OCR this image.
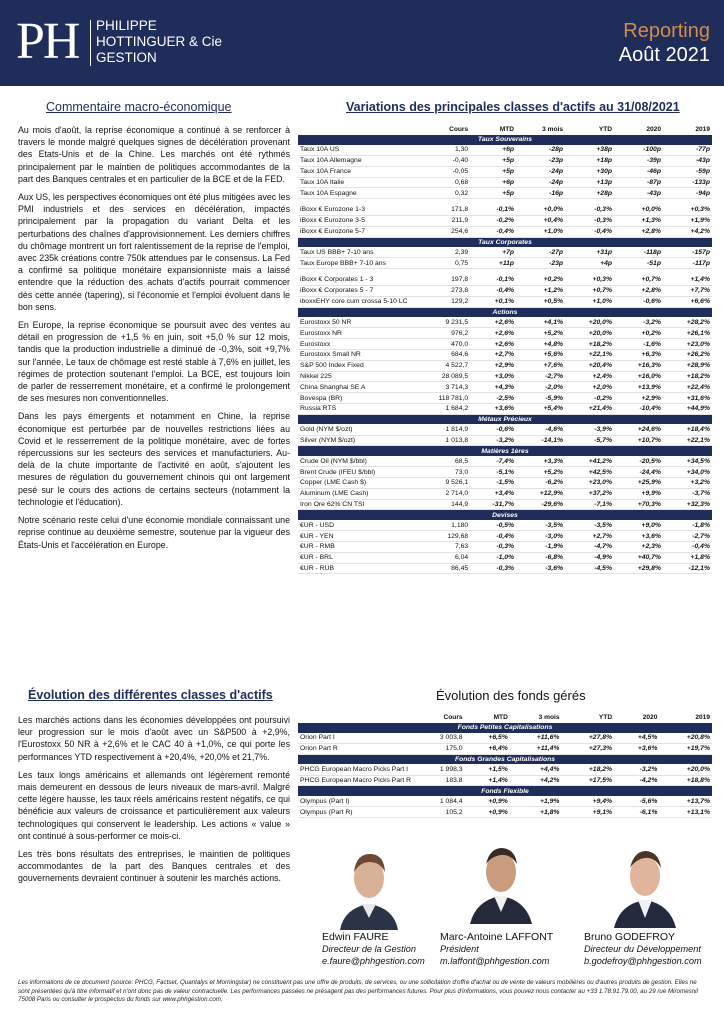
PH PHILIPPE
HOTTINGUER & Cie
GESTION
Reporting
Août 2021
Commentaire macro-économique

Au mois d'août, la reprise économique a continué à se renforcer à travers le monde malgré quelques signes de décélération provenant des Etats-Unis et de la Chine. Les marchés ont été rythmés principalement par le maintien de politiques accommodantes de la part des Banques centrales et en particulier de la BCE et de la FED.

Aux US, les perspectives économiques ont été plus mitigées avec les PMI industriels et des services en décélération, impactés principalement par la propagation du variant Delta et les perturbations des chaînes d'approvisionnement. Les derniers chiffres du chômage montrent un fort ralentissement de la reprise de l'emploi, avec 235k créations contre 750k attendues par le consensus. La Fed a confirmé sa politique monétaire expansionniste mais a laissé entendre que la réduction des achats d'actifs pourrait commencer dès cette année (tapering), si l'économie et l'emploi évoluent dans le bon sens.

En Europe, la reprise économique se poursuit avec des ventes au détail en progression de +1,5 % en juin, soit +5,0 % sur 12 mois, tandis que la production industrielle a diminué de -0,3%, soit +9,7% sur l'année. Le taux de chômage est resté stable à 7,6% en juillet, les régimes de protection soutenant l'emploi. La BCE, est toujours loin de parler de resserrement monétaire, et a confirmé le prolongement de ses mesures non conventionnelles.

Dans les pays émergents et notamment en Chine, la reprise économique est perturbée par de nouvelles restrictions liées au Covid et le resserrement de la politique monétaire, avec de fortes répercussions sur les secteurs des services et manufacturiers. Au-delà de la chute importante de l'activité en août, s'ajoutent les mesures de régulation du gouvernement chinois qui ont largement pesé sur le cours des actions de certains secteurs (notamment la technologie et l'éducation).

Notre scénario reste celui d'une économie mondiale connaissant une reprise continue au deuxième semestre, soutenue par la vigueur des États-Unis et l'accélération en Europe.

Évolution des différentes classes d'actifs

Les marchés actions dans les économies développées ont poursuivi leur progression sur le mois d'août avec un S&P500 à +2,9%, l'Eurostoxx 50 NR à +2,6% et le CAC 40 à +1,0%, ce qui porte les performances YTD respectivement à +20,4%, +20,0% et 21,7%.

Les taux longs américains et allemands ont légèrement remonté mais demeurent en dessous de leurs niveaux de mars-avril. Malgré cette légère hausse, les taux réels américains restent négatifs, ce qui bénéficie aux valeurs de croissance et particulièrement aux valeurs technologiques qui conservent le leadership. Les actions « value » ont continué à sous-performer ce mois-ci.

Les très bons résultats des entreprises, le maintien de politiques accommodantes de la part des Banques centrales et des gouvernements devraient continuer à soutenir les marchés actions.

Variations des principales classes d'actifs au 31/08/2021
	Cours	MTD	3 mois	YTD	2020	2019
Taux Souverains						
Taux 10A US	1,30	+6p	-28p	+38p	-100p	-77p
Taux 10A Allemagne	-0,40	+5p	-23p	+18p	-39p	-43p
Taux 10A France	-0,05	+5p	-24p	+30p	-46p	-59p
Taux 10A Italie	0,68	+6p	-24p	+13p	-87p	-133p
Taux 10A Espagne	0,32	+5p	-16p	+28p	-43p	-94p

iBoxx € Eurozone 1-3	171,8	-0,1%	+0,0%	-0,3%	+0,0%	+0,3%
iBoxx € Eurozone 3-5	211,9	-0,2%	+0,4%	-0,3%	+1,3%	+1,9%
iBoxx € Eurozone 5-7	254,6	-0,4%	+1,0%	-0,4%	+2,8%	+4,2%
Taux Corporates						
Taux US BBB+ 7-10 ans	2,39	+7p	-27p	+31p	-118p	-157p
Taux Europe BBB+ 7-10 ans	0,75	+11p	-23p	+4p	-51p	-117p

iBoxx € Corporates 1 - 3	197,8	-0,1%	+0,2%	+0,3%	+0,7%	+1,4%
iBoxx € Corporates 5 - 7	273,8	-0,4%	+1,2%	+0,7%	+2,8%	+7,7%
iboxxEHY core cum crossa 5-10 LC	129,2	+0,1%	+0,5%	+1,0%	-0,6%	+6,6%
Actions						
Eurostoxx 50 NR	9 231,5	+2,6%	+4,1%	+20,0%	-3,2%	+28,2%
Eurostoxx NR	976,2	+2,6%	+5,2%	+20,0%	+0,2%	+26,1%
Eurostoxx	470,0	+2,6%	+4,8%	+18,2%	-1,6%	+23,0%
Eurostoxx Small NR	684,6	+2,7%	+5,6%	+22,1%	+6,3%	+26,2%
S&P 500 Index Fixed	4 522,7	+2,9%	+7,6%	+20,4%	+16,3%	+28,9%
Nikkei 225	28 089,5	+3,0%	-2,7%	+2,4%	+16,0%	+18,2%
China Shanghai SE A	3 714,3	+4,3%	-2,0%	+2,0%	+13,9%	+22,4%
Bovespa (BR)	118 781,0	-2,5%	-5,9%	-0,2%	+2,9%	+31,6%
Russia RTS	1 684,2	+3,6%	+5,4%	+21,4%	-10,4%	+44,9%
Métaux Précieux						
Gold (NYM $/ozt)	1 814,9	-0,6%	-4,6%	-3,9%	+24,6%	+18,4%
Silver (NYM $/ozt)	1 013,8	-3,2%	-14,1%	-5,7%	+10,7%	+22,1%
Matières 1ères						
Crude Oil (NYM $/bbl)	68,5	-7,4%	+3,3%	+41,2%	-20,5%	+34,5%
Brent Crude (IFEU $/bbl)	73,0	-5,1%	+5,2%	+42,5%	-24,4%	+34,0%
Copper (LME Cash $)	9 526,1	-1,5%	-6,2%	+23,0%	+25,9%	+3,2%
Aluminum (LME Cash)	2 714,0	+3,4%	+12,9%	+37,2%	+9,9%	-3,7%
Iron Ore 62% CN TSI	144,9	-31,7%	-29,6%	-7,1%	+70,3%	+32,3%
Devises						
€UR - USD	1,180	-0,5%	-3,5%	-3,5%	+9,0%	-1,8%
€UR - YEN	129,68	-0,4%	-3,0%	+2,7%	+3,6%	-2,7%
€UR - RMB	7,63	-0,3%	-1,9%	-4,7%	+2,3%	-0,4%
€UR - BRL	6,04	-1,0%	-6,8%	-4,9%	+40,7%	+1,8%
€UR - RUB	86,45	-0,3%	-3,6%	-4,5%	+29,8%	-12,1%
Évolution des fonds gérés
	Cours	MTD	3 mois	YTD	2020	2019
Fonds Petites Capitalisations						
Orion Part I	3 003,8	+6,5%	+11,6%	+27,8%	+4,5%	+20,8%
Orion Part R	175,0	+6,4%	+11,4%	+27,3%	+3,6%	+19,7%
Fonds Grandes Capitalisations						
PHCG European Macro Picks Part I	1 998,3	+1,5%	+4,4%	+18,2%	-3,2%	+20,0%
PHCG European Macro Picks Part R	183,8	+1,4%	+4,2%	+17,5%	-4,2%	+18,8%
Fonds Flexible						
Olympus (Part I)	1 084,4	+0,9%	+1,9%	+9,4%	-5,6%	+13,7%
Olympus (Part R)	105,2	+0,9%	+1,8%	+9,1%	-6,1%	+13,1%
Edwin FAURE
Directeur de la Gestion
e.faure@phhgestion.com
Marc-Antoine LAFFONT
Président
m.laffont@phhgestion.com
Bruno GODEFROY
Directeur du Développement
b.godefroy@phhgestion.com
Les informations de ce document (source: PHCG, Factset, Quantalys et Morningstar) ne constituent pas une offre de produits, de services, ou une sollicitation d'offre d'achat ou de vente de valeurs mobilières ou d'autres produits de gestion. Elles ne sont présentées qu'à titre informatif et n'ont donc pas de valeur contractuelle. Les performances passées ne présagent pas des performances futures. Pour plus d'informations, vous pouvez nous contacter au +33 1.78.91.79.00, au 29 rue Miromesnil 75008 Paris ou consulter le prospectus du fonds sur www.phhgestion.com.
